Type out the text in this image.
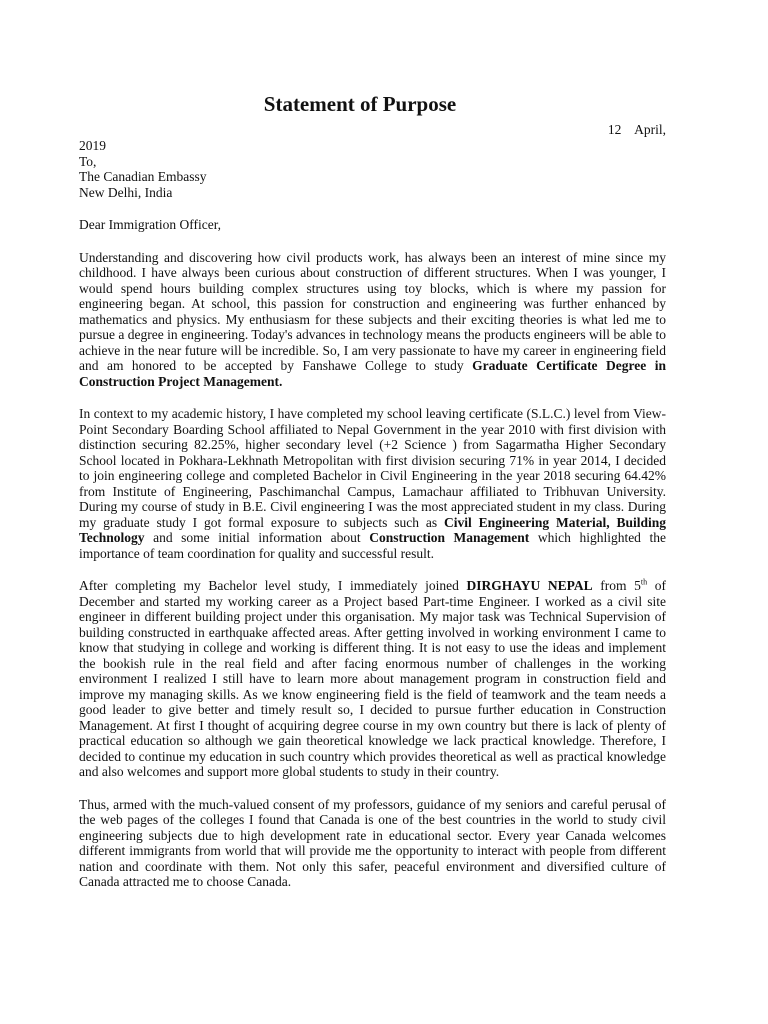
Statement of Purpose
12    April,
2019
To,
The Canadian Embassy
New Delhi, India

Dear Immigration Officer,

Understanding and discovering how civil products work, has always been an interest of mine since my childhood. I have always been curious about construction of different structures. When I was younger, I would spend hours building complex structures using toy blocks, which is where my passion for engineering began. At school, this passion for construction and engineering was further enhanced by mathematics and physics. My enthusiasm for these subjects and their exciting theories is what led me to pursue a degree in engineering. Today's advances in technology means the products engineers will be able to achieve in the near future will be incredible. So, I am very passionate to have my career in engineering field and am honored to be accepted by Fanshawe College to study Graduate Certificate Degree in Construction Project Management.

In context to my academic history, I have completed my school leaving certificate (S.L.C.) level from View-Point Secondary Boarding School affiliated to Nepal Government in the year 2010 with first division with distinction securing 82.25%, higher secondary level (+2 Science ) from Sagarmatha Higher Secondary School located in Pokhara-Lekhnath Metropolitan with first division securing 71% in year 2014, I decided to join engineering college and completed Bachelor in Civil Engineering in the year 2018 securing 64.42% from Institute of Engineering, Paschimanchal Campus, Lamachaur affiliated to Tribhuvan University. During my course of study in B.E. Civil engineering I was the most appreciated student in my class. During my graduate study I got formal exposure to subjects such as Civil Engineering Material, Building Technology and some initial information about Construction Management which highlighted the importance of team coordination for quality and successful result.

After completing my Bachelor level study, I immediately joined DIRGHAYU NEPAL from 5th of December and started my working career as a Project based Part-time Engineer. I worked as a civil site engineer in different building project under this organisation. My major task was Technical Supervision of building constructed in earthquake affected areas. After getting involved in working environment I came to know that studying in college and working is different thing. It is not easy to use the ideas and implement the bookish rule in the real field and after facing enormous number of challenges in the working environment I realized I still have to learn more about management program in construction field and improve my managing skills. As we know engineering field is the field of teamwork and the team needs a good leader to give better and timely result so, I decided to pursue further education in Construction Management. At first I thought of acquiring degree course in my own country but there is lack of plenty of practical education so although we gain theoretical knowledge we lack practical knowledge. Therefore, I decided to continue my education in such country which provides theoretical as well as practical knowledge and also welcomes and support more global students to study in their country.

Thus, armed with the much-valued consent of my professors, guidance of my seniors and careful perusal of the web pages of the colleges I found that Canada is one of the best countries in the world to study civil engineering subjects due to high development rate in educational sector. Every year Canada welcomes different immigrants from world that will provide me the opportunity to interact with people from different nation and coordinate with them. Not only this safer, peaceful environment and diversified culture of Canada attracted me to choose Canada.
